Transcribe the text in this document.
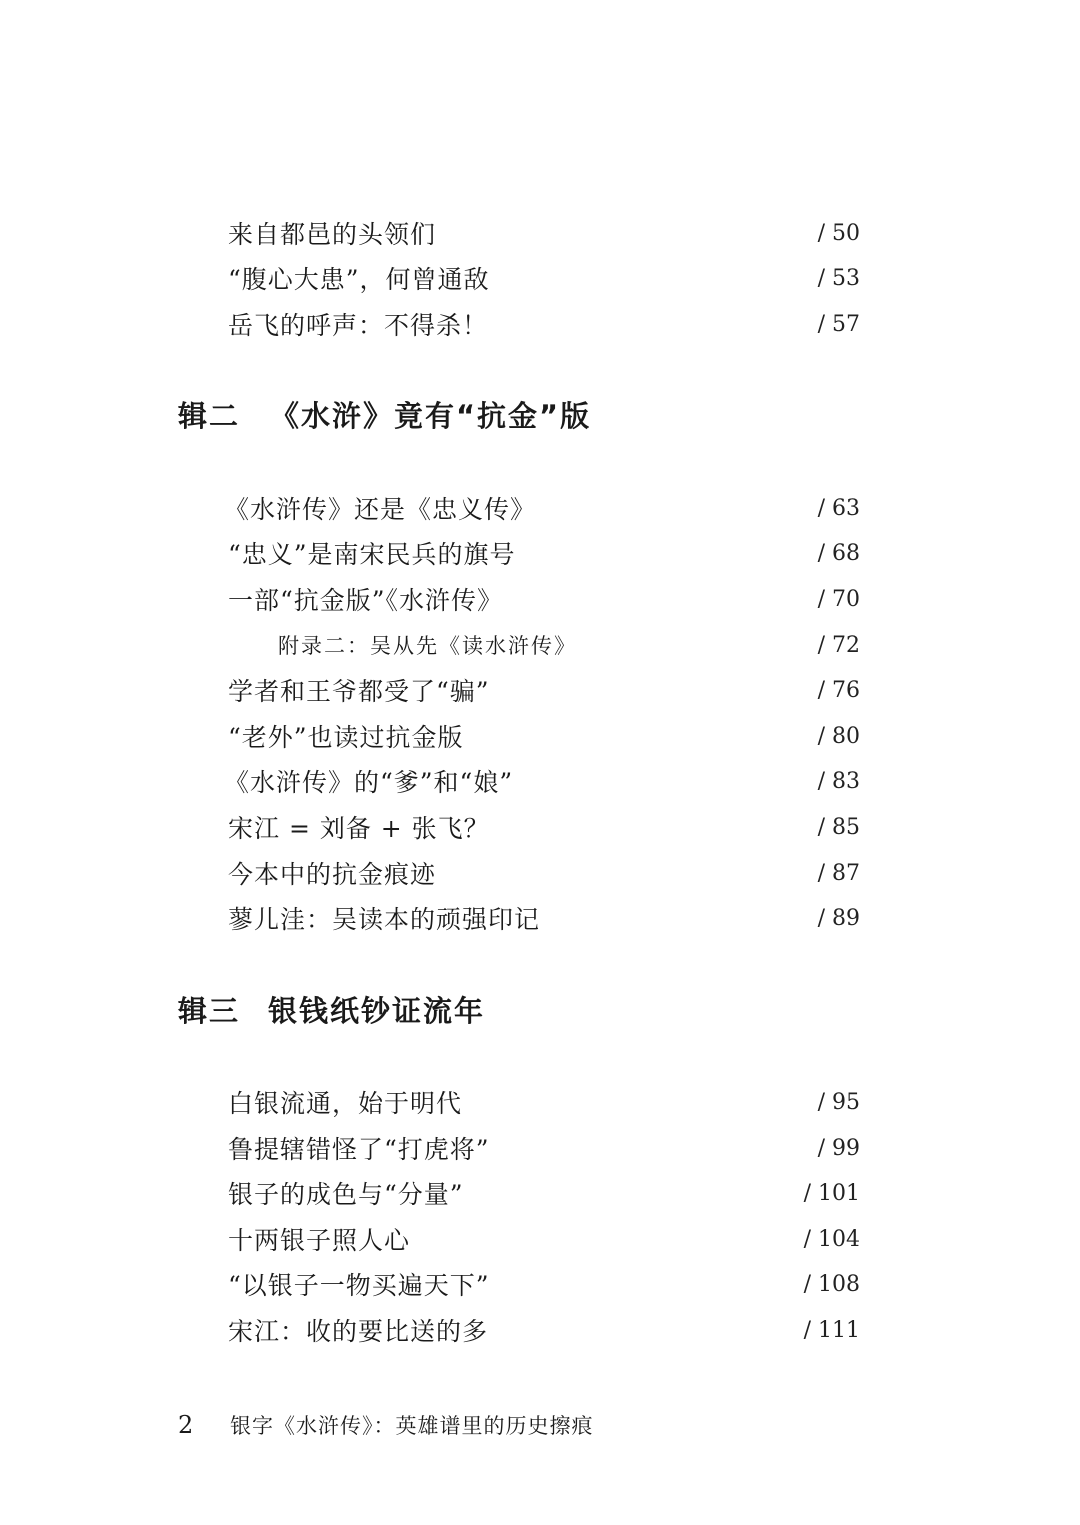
来自都邑的头领们	/ 50
“腹心大患”，何曾通敌	/ 53
岳飞的呼声：不得杀！	/ 57
辑二	《水浒》竟有“抗金”版
《水浒传》还是《忠义传》	/ 63
“忠义”是南宋民兵的旗号	/ 68
一部“抗金版”《水浒传》	/ 70
附录二：吴从先《读水浒传》	/ 72
学者和王爷都受了“骗”	/ 76
“老外”也读过抗金版	/ 80
《水浒传》的“爹”和“娘”	/ 83
宋江 = 刘备 + 张飞？	/ 85
今本中的抗金痕迹	/ 87
蓼儿洼：吴读本的顽强印记	/ 89
辑三 银钱纸钞证流年
白银流通，始于明代	/ 95
鲁提辖错怪了“打虎将”	/ 99
银子的成色与“分量”	/ 101
十两银子照人心	/ 104
“以银子一物买遍天下”	/ 108
宋江：收的要比送的多	/ 111
2	银字《水浒传》：英雄谱里的历史擦痕
